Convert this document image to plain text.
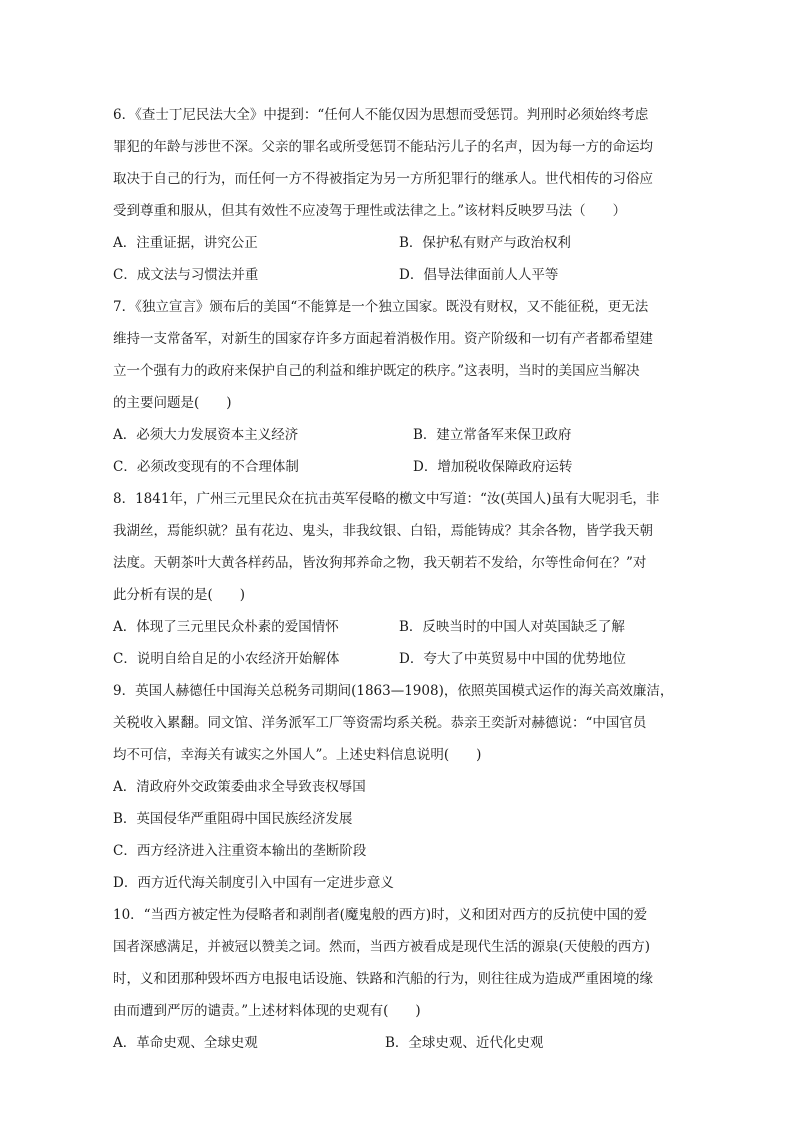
6．《查士丁尼民法大全》中提到：“任何人不能仅因为思想而受惩罚。判刑时必须始终考虑
罪犯的年龄与涉世不深。父亲的罪名或所受惩罚不能玷污儿子的名声，因为每一方的命运均
取决于自己的行为，而任何一方不得被指定为另一方所犯罪行的继承人。世代相传的习俗应
受到尊重和服从，但其有效性不应凌驾于理性或法律之上。”该材料反映罗马法（　　）
A．注重证据，讲究公正	B．保护私有财产与政治权利
C．成文法与习惯法并重	D．倡导法律面前人人平等
7．《独立宣言》颁布后的美国“不能算是一个独立国家。既没有财权，又不能征税，更无法
维持一支常备军，对新生的国家存许多方面起着消极作用。资产阶级和一切有产者都希望建
立一个强有力的政府来保护自己的利益和维护既定的秩序。”这表明，当时的美国应当解决
的主要问题是(　　)
A．必须大力发展资本主义经济	B．建立常备军来保卫政府
C．必须改变现有的不合理体制	D．增加税收保障政府运转
8．1841年，广州三元里民众在抗击英军侵略的檄文中写道：“汝(英国人)虽有大呢羽毛，非
我湖丝，焉能织就？虽有花边、鬼头，非我纹银、白铅，焉能铸成？其余各物，皆学我天朝
法度。天朝茶叶大黄各样药品，皆汝狗邦养命之物，我天朝若不发给，尔等性命何在？”对
此分析有误的是(　　)
A．体现了三元里民众朴素的爱国情怀	B．反映当时的中国人对英国缺乏了解
C．说明自给自足的小农经济开始解体	D．夸大了中英贸易中中国的优势地位
9．英国人赫德任中国海关总税务司期间(1863—1908)，依照英国模式运作的海关高效廉洁，
关税收入累翻。同文馆、洋务派军工厂等资需均系关税。恭亲王奕訢对赫德说：“中国官员
均不可信，幸海关有诚实之外国人”。上述史料信息说明(　　)
A．清政府外交政策委曲求全导致丧权辱国
B．英国侵华严重阻碍中国民族经济发展
C．西方经济进入注重资本输出的垄断阶段
D．西方近代海关制度引入中国有一定进步意义
10．“当西方被定性为侵略者和剥削者(魔鬼般的西方)时，义和团对西方的反抗使中国的爱
国者深感满足，并被冠以赞美之词。然而，当西方被看成是现代生活的源泉(天使般的西方)
时，义和团那种毁坏西方电报电话设施、铁路和汽船的行为，则往往成为造成严重困境的缘
由而遭到严厉的谴责。”上述材料体现的史观有(　　)
A．革命史观、全球史观	B．全球史观、近代化史观
